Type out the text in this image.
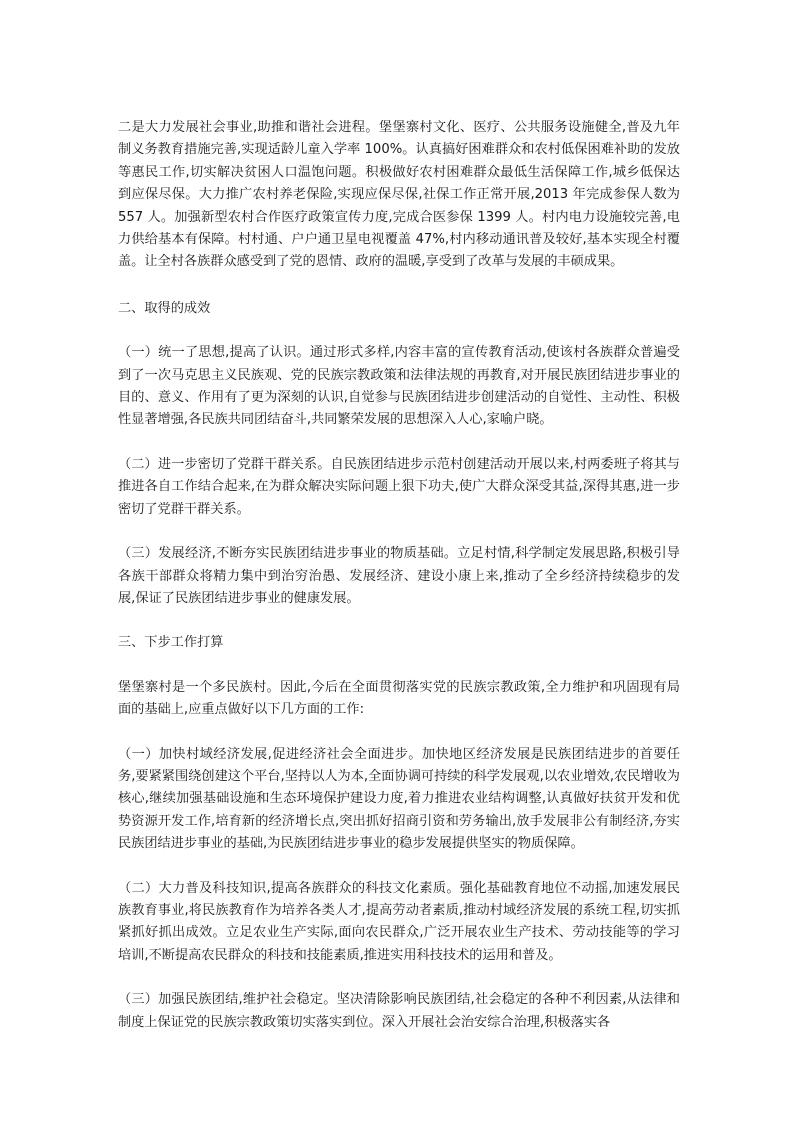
二是大力发展社会事业,助推和谐社会进程。堡堡寨村文化、医疗、公共服务设施健全,普及九年制义务教育措施完善,实现适龄儿童入学率 100%。认真搞好困难群众和农村低保困难补助的发放等惠民工作,切实解决贫困人口温饱问题。积极做好农村困难群众最低生活保障工作,城乡低保达到应保尽保。大力推广农村养老保险,实现应保尽保,社保工作正常开展,2013 年完成参保人数为 557 人。加强新型农村合作医疗政策宣传力度,完成合医参保 1399 人。村内电力设施较完善,电力供给基本有保障。村村通、户户通卫星电视覆盖 47%,村内移动通讯普及较好,基本实现全村覆盖。让全村各族群众感受到了党的恩情、政府的温暖,享受到了改革与发展的丰硕成果。

二、取得的成效

（一）统一了思想,提高了认识。通过形式多样,内容丰富的宣传教育活动,使该村各族群众普遍受到了一次马克思主义民族观、党的民族宗教政策和法律法规的再教育,对开展民族团结进步事业的目的、意义、作用有了更为深刻的认识,自觉参与民族团结进步创建活动的自觉性、主动性、积极性显著增强,各民族共同团结奋斗,共同繁荣发展的思想深入人心,家喻户晓。

（二）进一步密切了党群干群关系。自民族团结进步示范村创建活动开展以来,村两委班子将其与推进各自工作结合起来,在为群众解决实际问题上狠下功夫,使广大群众深受其益,深得其惠,进一步密切了党群干群关系。

（三）发展经济,不断夯实民族团结进步事业的物质基础。立足村情,科学制定发展思路,积极引导各族干部群众将精力集中到治穷治愚、发展经济、建设小康上来,推动了全乡经济持续稳步的发展,保证了民族团结进步事业的健康发展。

三、下步工作打算

堡堡寨村是一个多民族村。因此,今后在全面贯彻落实党的民族宗教政策,全力维护和巩固现有局面的基础上,应重点做好以下几方面的工作:

（一）加快村域经济发展,促进经济社会全面进步。加快地区经济发展是民族团结进步的首要任务,要紧紧围绕创建这个平台,坚持以人为本,全面协调可持续的科学发展观,以农业增效,农民增收为核心,继续加强基础设施和生态环境保护建设力度,着力推进农业结构调整,认真做好扶贫开发和优势资源开发工作,培育新的经济增长点,突出抓好招商引资和劳务输出,放手发展非公有制经济,夯实民族团结进步事业的基础,为民族团结进步事业的稳步发展提供坚实的物质保障。

（二）大力普及科技知识,提高各族群众的科技文化素质。强化基础教育地位不动摇,加速发展民族教育事业,将民族教育作为培养各类人才,提高劳动者素质,推动村域经济发展的系统工程,切实抓紧抓好抓出成效。立足农业生产实际,面向农民群众,广泛开展农业生产技术、劳动技能等的学习培训,不断提高农民群众的科技和技能素质,推进实用科技技术的运用和普及。

（三）加强民族团结,维护社会稳定。坚决清除影响民族团结,社会稳定的各种不利因素,从法律和制度上保证党的民族宗教政策切实落实到位。深入开展社会治安综合治理,积极落实各
